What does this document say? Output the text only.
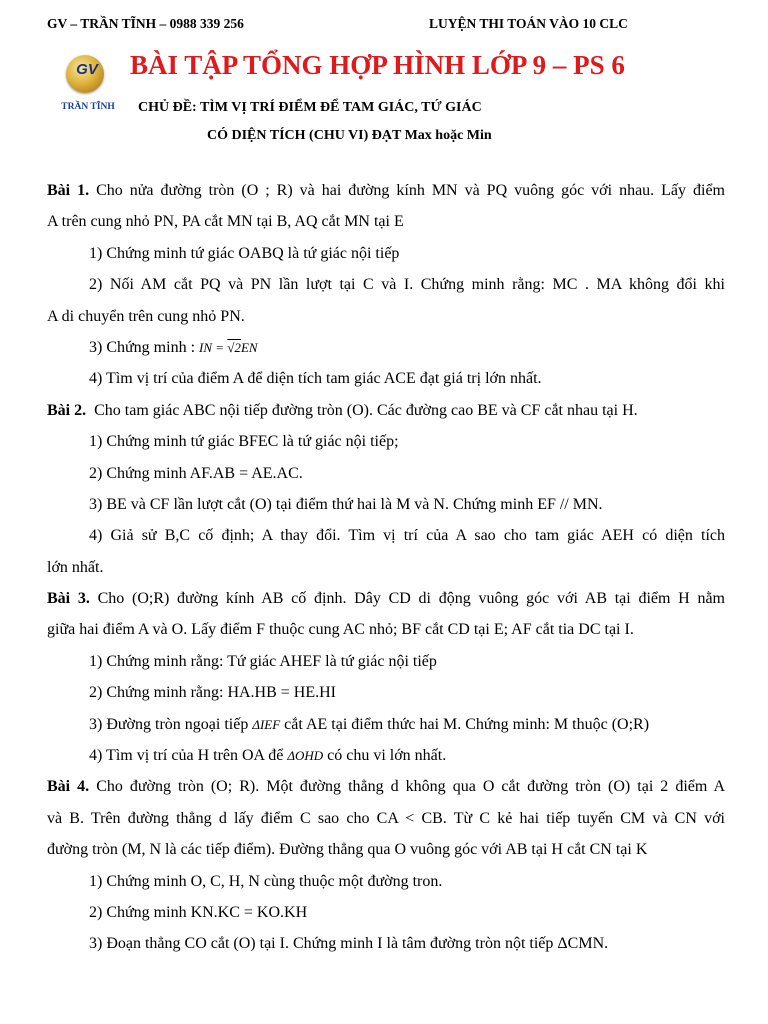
GV – TRẦN TĨNH – 0988 339 256	LUYỆN THI TOÁN VÀO 10 CLC
GV
TRẦN TĨNH
BÀI TẬP TỔNG HỢP HÌNH LỚP 9 – PS 6
CHỦ ĐỀ: TÌM VỊ TRÍ ĐIỂM ĐỂ TAM GIÁC, TỨ GIÁC
CÓ DIỆN TÍCH (CHU VI) ĐẠT Max hoặc Min
Bài 1. Cho nửa đường tròn (O ; R) và hai đường kính MN và PQ vuông góc với nhau. Lấy điểm
A trên cung nhỏ PN, PA cắt MN tại B, AQ cắt MN tại E
1) Chứng minh tứ giác OABQ là tứ giác nội tiếp
2) Nối AM cắt PQ và PN lần lượt tại C và I. Chứng minh rằng: MC . MA không đổi khi
A di chuyển trên cung nhỏ PN.
3) Chứng minh : IN = √2EN
4) Tìm vị trí của điểm A để diện tích tam giác ACE đạt giá trị lớn nhất.
Bài 2. Cho tam giác ABC nội tiếp đường tròn (O). Các đường cao BE và CF cắt nhau tại H.
1) Chứng minh tứ giác BFEC là tứ giác nội tiếp;
2) Chứng minh AF.AB = AE.AC.
3) BE và CF lần lượt cắt (O) tại điểm thứ hai là M và N. Chứng minh EF // MN.
4) Giả sử B,C cố định; A thay đổi. Tìm vị trí của A sao cho tam giác AEH có diện tích
lớn nhất.
Bài 3. Cho (O;R) đường kính AB cố định. Dây CD di động vuông góc với AB tại điểm H nằm
giữa hai điểm A và O. Lấy điểm F thuộc cung AC nhỏ; BF cắt CD tại E; AF cắt tia DC tại I.
1) Chứng minh rằng: Tứ giác AHEF là tứ giác nội tiếp
2) Chứng minh rằng: HA.HB = HE.HI
3) Đường tròn ngoại tiếp ΔIEF cắt AE tại điểm thức hai M. Chứng minh: M thuộc (O;R)
4) Tìm vị trí của H trên OA để ΔOHD có chu vi lớn nhất.
Bài 4. Cho đường tròn (O; R). Một đường thẳng d không qua O cắt đường tròn (O) tại 2 điểm A
và B. Trên đường thẳng d lấy điểm C sao cho CA < CB. Từ C kẻ hai tiếp tuyến CM và CN với
đường tròn (M, N là các tiếp điểm). Đường thẳng qua O vuông góc với AB tại H cắt CN tại K
1) Chứng minh O, C, H, N cùng thuộc một đường tron.
2) Chứng minh KN.KC = KO.KH
3) Đoạn thẳng CO cắt (O) tại I. Chứng minh I là tâm đường tròn nột tiếp ΔCMN.
